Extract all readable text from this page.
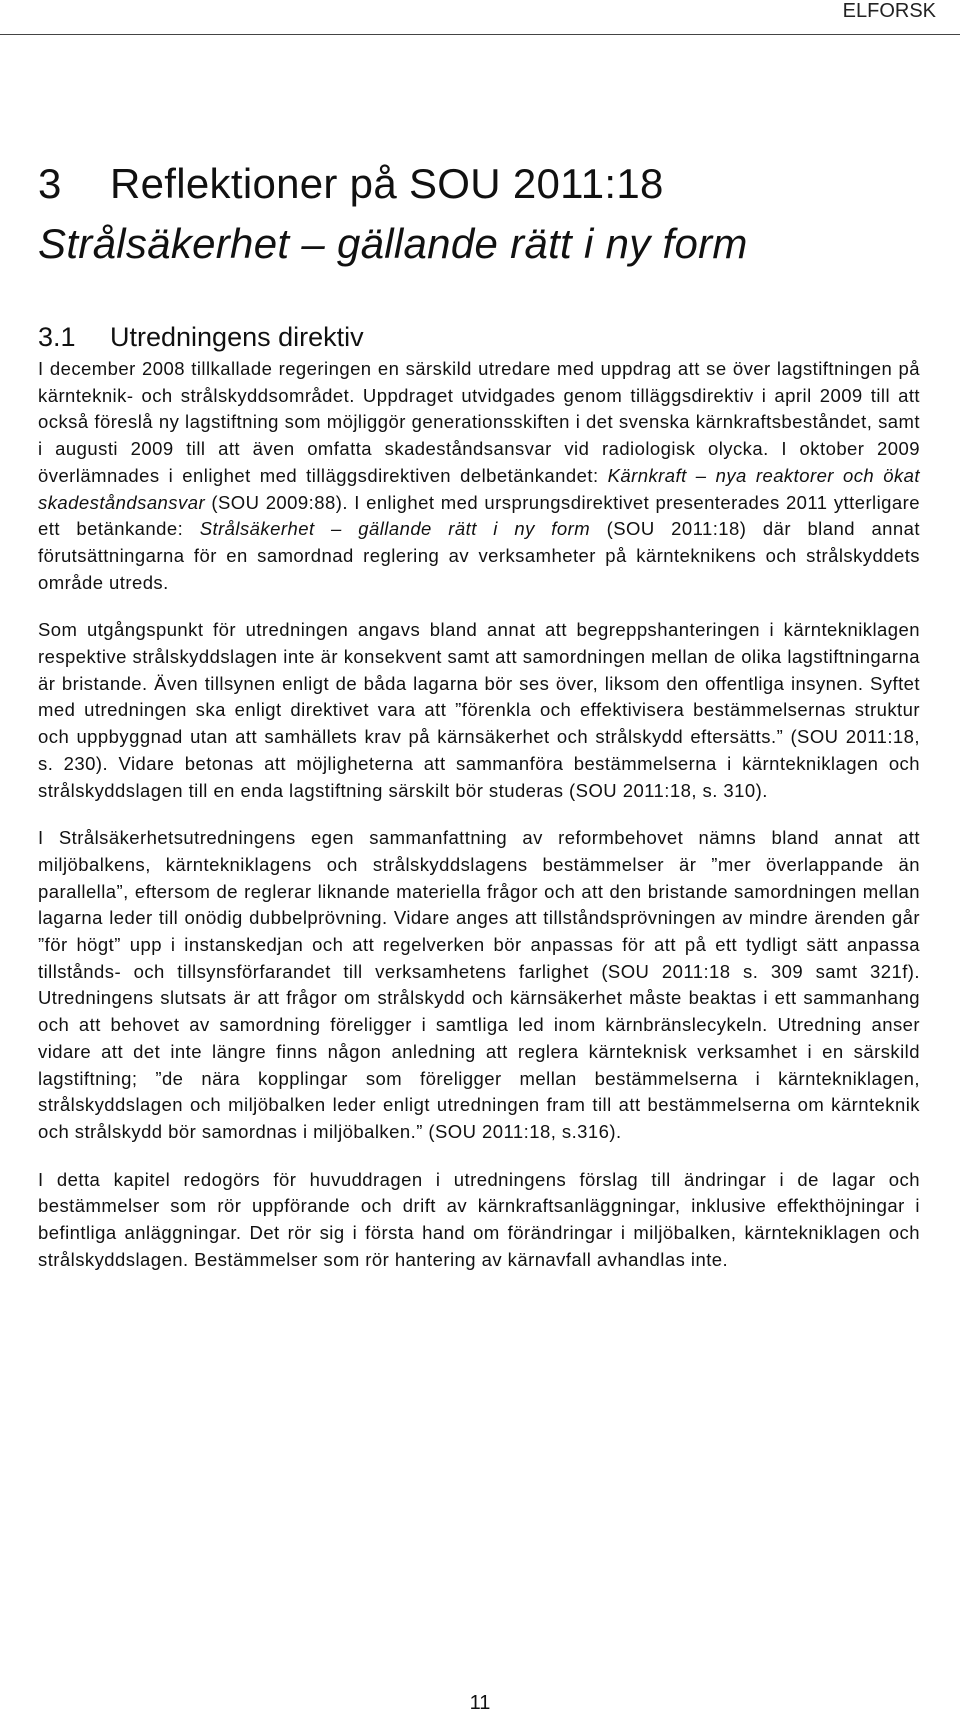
ELFORSK
3 Reflektioner på SOU 2011:18 Strålsäkerhet – gällande rätt i ny form
3.1 Utredningens direktiv

I december 2008 tillkallade regeringen en särskild utredare med uppdrag att se över lagstiftningen på kärnteknik- och strålskyddsområdet. Uppdraget utvidgades genom tilläggsdirektiv i april 2009 till att också föreslå ny lagstiftning som möjliggör generationsskiften i det svenska kärnkraftsbeståndet, samt i augusti 2009 till att även omfatta skadeståndsansvar vid radiologisk olycka. I oktober 2009 överlämnades i enlighet med tilläggsdirektiven delbetänkandet: Kärnkraft – nya reaktorer och ökat skadeståndsansvar (SOU 2009:88). I enlighet med ursprungsdirektivet presenterades 2011 ytterligare ett betänkande: Strålsäkerhet – gällande rätt i ny form (SOU 2011:18) där bland annat förutsättningarna för en samordnad reglering av verksamheter på kärnteknikens och strålskyddets område utreds.

Som utgångspunkt för utredningen angavs bland annat att begreppshanteringen i kärntekniklagen respektive strålskyddslagen inte är konsekvent samt att samordningen mellan de olika lagstiftningarna är bristande. Även tillsynen enligt de båda lagarna bör ses över, liksom den offentliga insynen. Syftet med utredningen ska enligt direktivet vara att ”förenkla och effektivisera bestämmelsernas struktur och uppbyggnad utan att samhällets krav på kärnsäkerhet och strålskydd eftersätts.” (SOU 2011:18, s. 230). Vidare betonas att möjligheterna att sammanföra bestämmelserna i kärntekniklagen och strålskyddslagen till en enda lagstiftning särskilt bör studeras (SOU 2011:18, s. 310).

I Strålsäkerhetsutredningens egen sammanfattning av reformbehovet nämns bland annat att miljöbalkens, kärntekniklagens och strålskyddslagens bestämmelser är ”mer överlappande än parallella”, eftersom de reglerar liknande materiella frågor och att den bristande samordningen mellan lagarna leder till onödig dubbelprövning. Vidare anges att tillståndsprövningen av mindre ärenden går ”för högt” upp i instanskedjan och att regelverken bör anpassas för att på ett tydligt sätt anpassa tillstånds- och tillsynsförfarandet till verksamhetens farlighet (SOU 2011:18 s. 309 samt 321f). Utredningens slutsats är att frågor om strålskydd och kärnsäkerhet måste beaktas i ett sammanhang och att behovet av samordning föreligger i samtliga led inom kärnbränslecykeln. Utredning anser vidare att det inte längre finns någon anledning att reglera kärnteknisk verksamhet i en särskild lagstiftning; ”de nära kopplingar som föreligger mellan bestämmelserna i kärntekniklagen, strålskyddslagen och miljöbalken leder enligt utredningen fram till att bestämmelserna om kärnteknik och strålskydd bör samordnas i miljöbalken.” (SOU 2011:18, s.316).

I detta kapitel redogörs för huvuddragen i utredningens förslag till ändringar i de lagar och bestämmelser som rör uppförande och drift av kärnkraftsanläggningar, inklusive effekthöjningar i befintliga anläggningar. Det rör sig i första hand om förändringar i miljöbalken, kärntekniklagen och strålskyddslagen. Bestämmelser som rör hantering av kärnavfall avhandlas inte.

11
